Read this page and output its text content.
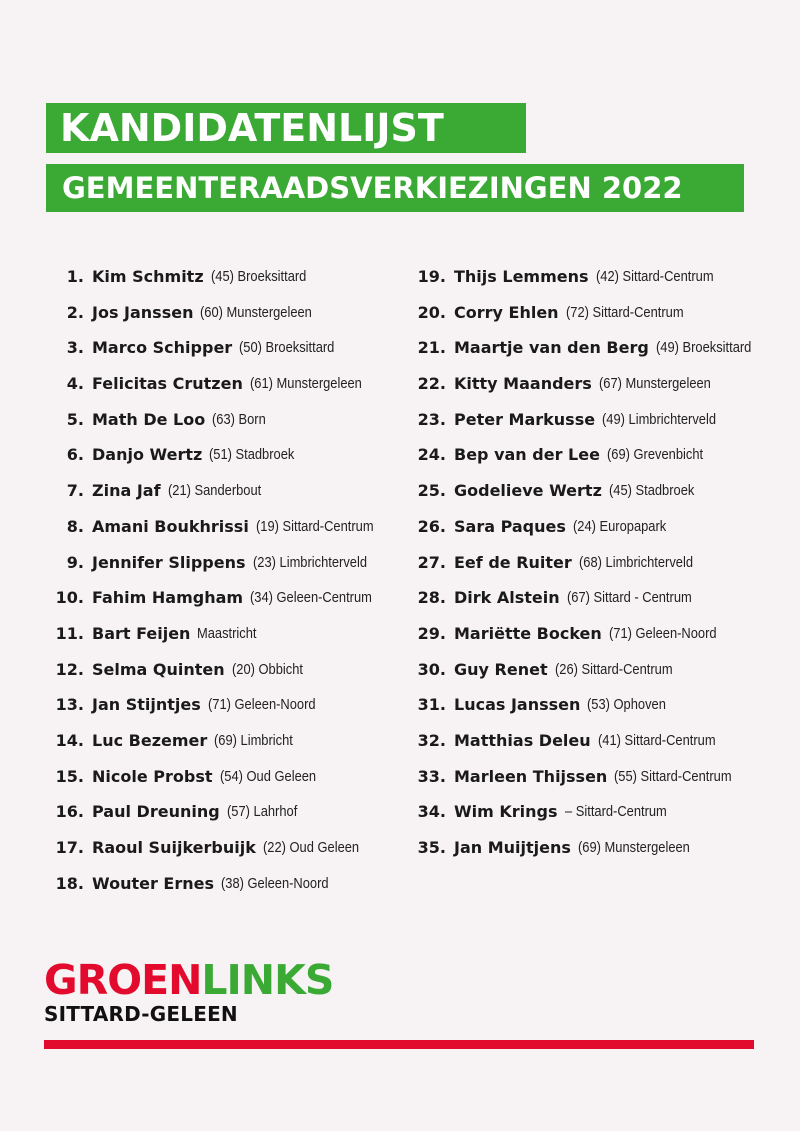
KANDIDATENLIJST
GEMEENTERAADSVERKIEZINGEN 2022
1. Kim Schmitz (45) Broeksittard
2. Jos Janssen (60) Munstergeleen
3. Marco Schipper (50) Broeksittard
4. Felicitas Crutzen (61) Munstergeleen
5. Math De Loo (63) Born
6. Danjo Wertz (51) Stadbroek
7. Zina Jaf (21) Sanderbout
8. Amani Boukhrissi (19) Sittard-Centrum
9. Jennifer Slippens (23) Limbrichterveld
10. Fahim Hamgham (34) Geleen-Centrum
11. Bart Feijen Maastricht
12. Selma Quinten (20) Obbicht
13. Jan Stijntjes (71) Geleen-Noord
14. Luc Bezemer (69) Limbricht
15. Nicole Probst (54) Oud Geleen
16. Paul Dreuning (57) Lahrhof
17. Raoul Suijkerbuijk (22) Oud Geleen
18. Wouter Ernes (38) Geleen-Noord
19. Thijs Lemmens (42) Sittard-Centrum
20. Corry Ehlen (72) Sittard-Centrum
21. Maartje van den Berg (49) Broeksittard
22. Kitty Maanders (67) Munstergeleen
23. Peter Markusse (49) Limbrichterveld
24. Bep van der Lee (69) Grevenbicht
25. Godelieve Wertz (45) Stadbroek
26. Sara Paques (24) Europapark
27. Eef de Ruiter (68) Limbrichterveld
28. Dirk Alstein (67) Sittard - Centrum
29. Mariëtte Bocken (71) Geleen-Noord
30. Guy Renet (26) Sittard-Centrum
31. Lucas Janssen (53) Ophoven
32. Matthias Deleu (41) Sittard-Centrum
33. Marleen Thijssen (55) Sittard-Centrum
34. Wim Krings – Sittard-Centrum
35. Jan Muijtjens (69) Munstergeleen
GROENLINKS
SITTARD-GELEEN
